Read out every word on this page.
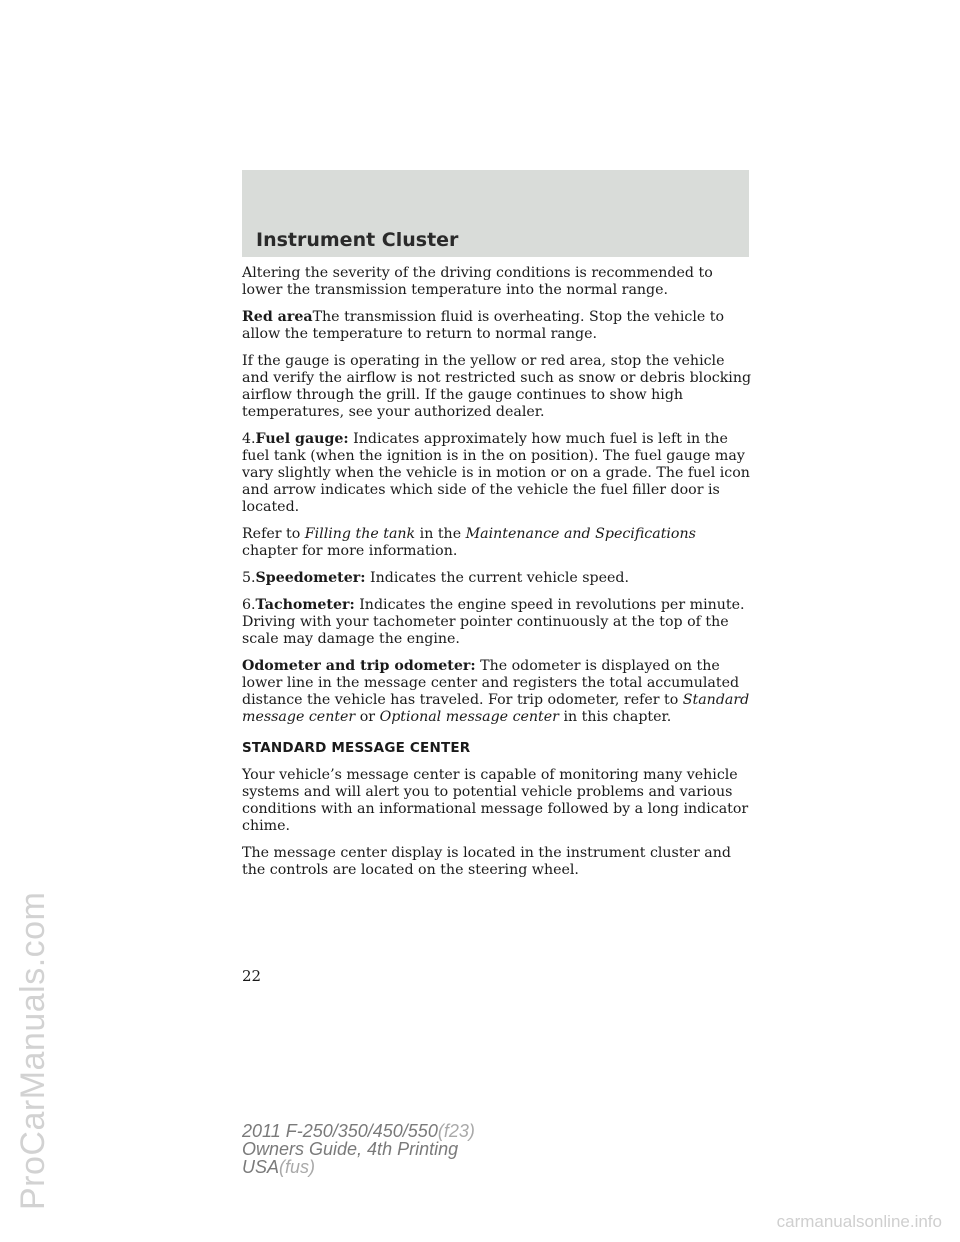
ProCarManuals.com
Instrument Cluster

Altering the severity of the driving conditions is recommended to lower the transmission temperature into the normal range.

Red areaThe transmission fluid is overheating. Stop the vehicle to allow the temperature to return to normal range.

If the gauge is operating in the yellow or red area, stop the vehicle and verify the airflow is not restricted such as snow or debris blocking airflow through the grill. If the gauge continues to show high temperatures, see your authorized dealer.

4.Fuel gauge: Indicates approximately how much fuel is left in the fuel tank (when the ignition is in the on position). The fuel gauge may vary slightly when the vehicle is in motion or on a grade. The fuel icon and arrow indicates which side of the vehicle the fuel filler door is located.

Refer to Filling the tank in the Maintenance and Specifications
chapter for more information.

5.Speedometer: Indicates the current vehicle speed.

6.Tachometer: Indicates the engine speed in revolutions per minute. Driving with your tachometer pointer continuously at the top of the scale may damage the engine.

Odometer and trip odometer: The odometer is displayed on the lower line in the message center and registers the total accumulated distance the vehicle has traveled. For trip odometer, refer to Standard message center or Optional message center in this chapter.

STANDARD MESSAGE CENTER

Your vehicle’s message center is capable of monitoring many vehicle systems and will alert you to potential vehicle problems and various conditions with an informational message followed by a long indicator chime.

The message center display is located in the instrument cluster and the controls are located on the steering wheel.

22
2011 F-250/350/450/550(f23)
Owners Guide, 4th Printing
USA(fus)
carmanualsonline.info
